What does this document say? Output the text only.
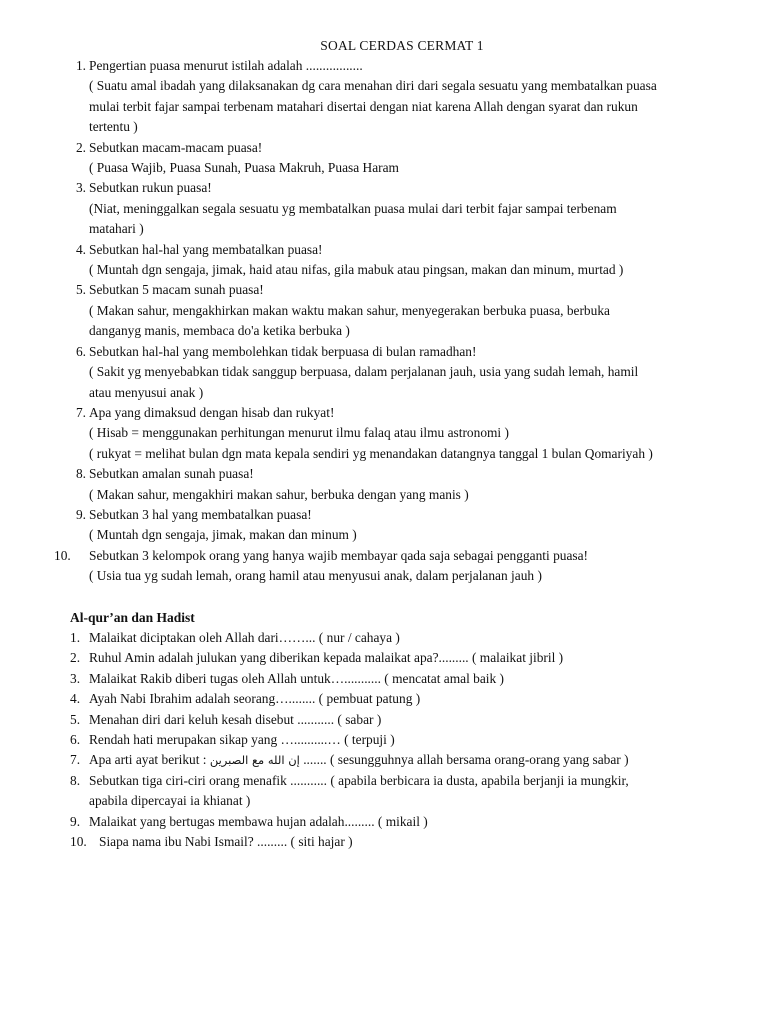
SOAL CERDAS CERMAT 1
1. Pengertian puasa menurut istilah adalah .................
( Suatu amal ibadah yang dilaksanakan dg cara menahan diri dari segala sesuatu yang membatalkan puasa
mulai terbit fajar sampai terbenam matahari disertai dengan niat karena Allah dengan syarat dan rukun
tertentu )
2. Sebutkan macam-macam puasa!
( Puasa Wajib, Puasa Sunah, Puasa Makruh, Puasa Haram
3. Sebutkan rukun puasa!
(Niat, meninggalkan segala sesuatu yg membatalkan puasa mulai dari terbit fajar sampai terbenam
matahari )
4. Sebutkan hal-hal yang membatalkan puasa!
( Muntah dgn sengaja, jimak, haid atau nifas, gila mabuk atau pingsan, makan dan minum, murtad )
5. Sebutkan 5 macam sunah puasa!
( Makan sahur, mengakhirkan makan waktu makan sahur, menyegerakan berbuka puasa, berbuka
danganyg manis, membaca do'a ketika berbuka )
6. Sebutkan hal-hal yang membolehkan tidak berpuasa di bulan ramadhan!
( Sakit yg menyebabkan tidak sanggup berpuasa, dalam perjalanan jauh, usia yang sudah lemah, hamil
atau menyusui anak )
7. Apa yang dimaksud dengan hisab dan rukyat!
( Hisab = menggunakan perhitungan menurut ilmu falaq atau ilmu astronomi )
( rukyat = melihat bulan dgn mata kepala sendiri yg menandakan datangnya tanggal 1 bulan Qomariyah )
8. Sebutkan amalan sunah puasa!
( Makan sahur, mengakhiri makan sahur, berbuka dengan yang manis )
9. Sebutkan 3 hal yang membatalkan puasa!
( Muntah dgn sengaja, jimak, makan dan minum )
10.	Sebutkan 3 kelompok orang yang hanya wajib membayar qada saja sebagai pengganti puasa!
( Usia tua yg sudah lemah, orang hamil atau menyusui anak, dalam perjalanan jauh )
Al-qur’an dan Hadist
1. Malaikat diciptakan oleh Allah dari……... ( nur / cahaya )
2. Ruhul Amin adalah julukan yang diberikan kepada malaikat apa?......... ( malaikat jibril )
3. Malaikat Rakib diberi tugas oleh Allah untuk…........... ( mencatat amal baik )
4. Ayah Nabi Ibrahim adalah seorang…........ ( pembuat patung )
5. Menahan diri dari keluh kesah disebut ........... ( sabar )
6. Rendah hati merupakan sikap yang …..........… ( terpuji )
7. Apa arti ayat berikut : إن الله مع الصبرين ....... ( sesungguhnya allah bersama orang-orang yang sabar )
8. Sebutkan tiga ciri-ciri orang menafik ........... ( apabila berbicara ia dusta, apabila berjanji ia mungkir,
apabila dipercayai ia khianat )
9. Malaikat yang bertugas membawa hujan adalah......... ( mikail )
10. Siapa nama ibu Nabi Ismail? ......... ( siti hajar )
